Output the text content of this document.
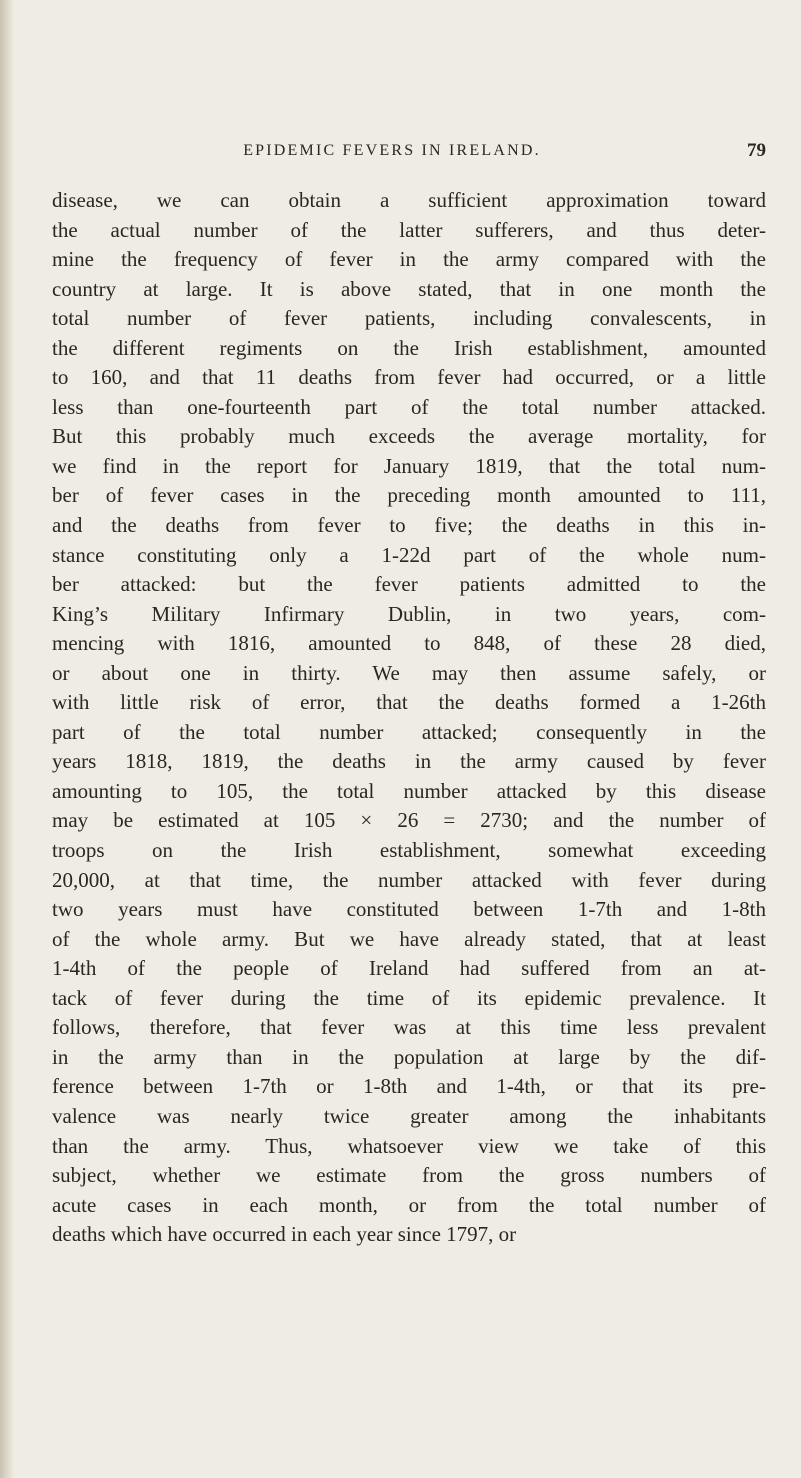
EPIDEMIC FEVERS IN IRELAND.	79
disease, we can obtain a sufficient approximation toward
the actual number of the latter sufferers, and thus deter-
mine the frequency of fever in the army compared with the
country at large. It is above stated, that in one month the
total number of fever patients, including convalescents, in
the different regiments on the Irish establishment, amounted
to 160, and that 11 deaths from fever had occurred, or a little
less than one-fourteenth part of the total number attacked.
But this probably much exceeds the average mortality, for
we find in the report for January 1819, that the total num-
ber of fever cases in the preceding month amounted to 111,
and the deaths from fever to five; the deaths in this in-
stance constituting only a 1-22d part of the whole num-
ber attacked: but the fever patients admitted to the
King’s Military Infirmary Dublin, in two years, com-
mencing with 1816, amounted to 848, of these 28 died,
or about one in thirty. We may then assume safely, or
with little risk of error, that the deaths formed a 1-26th
part of the total number attacked; consequently in the
years 1818, 1819, the deaths in the army caused by fever
amounting to 105, the total number attacked by this disease
may be estimated at 105 × 26 = 2730; and the number of
troops on the Irish establishment, somewhat exceeding
20,000, at that time, the number attacked with fever during
two years must have constituted between 1-7th and 1-8th
of the whole army. But we have already stated, that at least
1-4th of the people of Ireland had suffered from an at-
tack of fever during the time of its epidemic prevalence. It
follows, therefore, that fever was at this time less prevalent
in the army than in the population at large by the dif-
ference between 1-7th or 1-8th and 1-4th, or that its pre-
valence was nearly twice greater among the inhabitants
than the army. Thus, whatsoever view we take of this
subject, whether we estimate from the gross numbers of
acute cases in each month, or from the total number of
deaths which have occurred in each year since 1797, or
